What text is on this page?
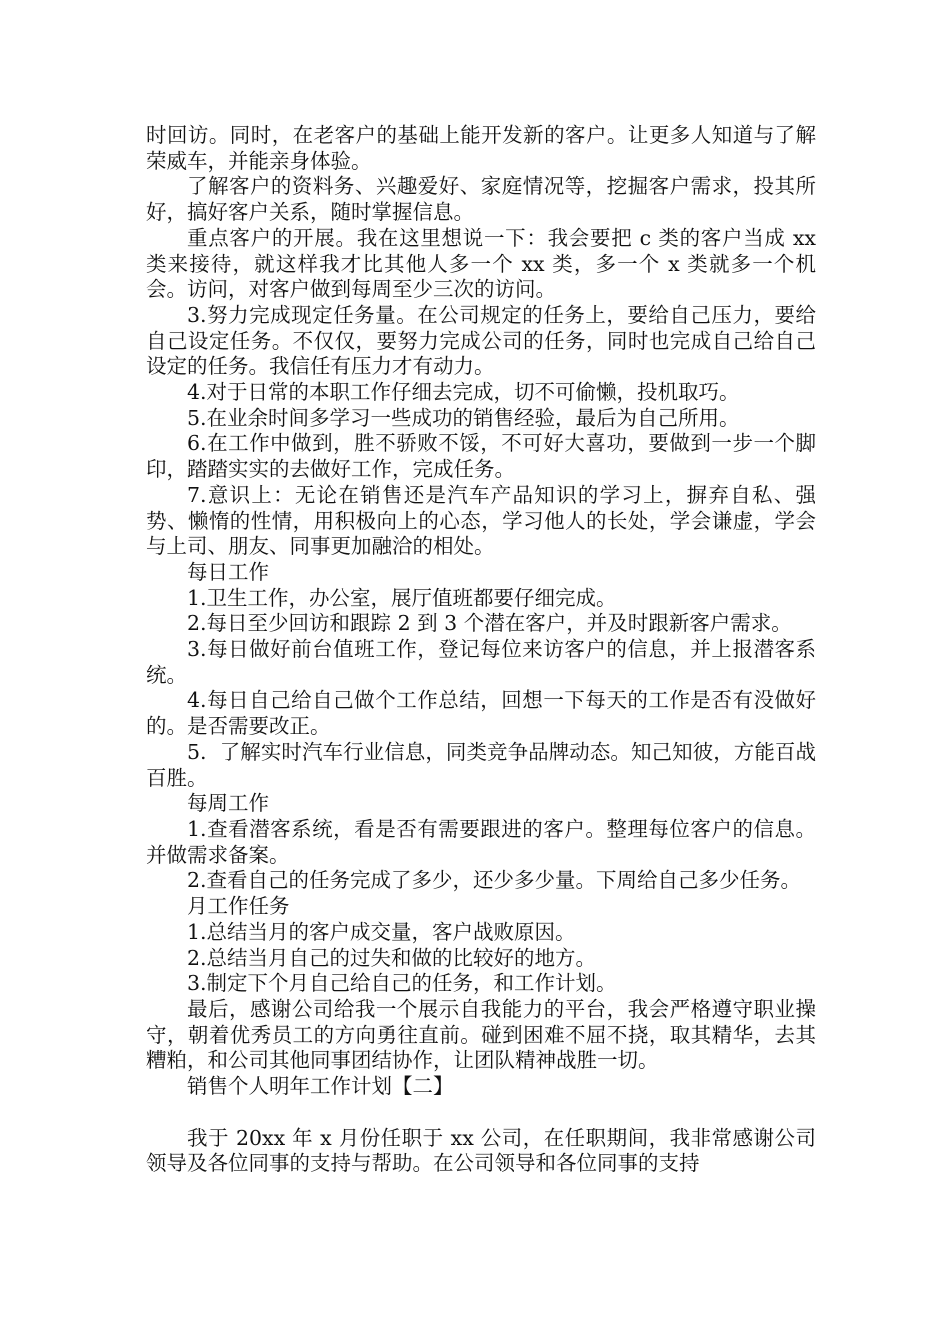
时回访。同时，在老客户的基础上能开发新的客户。让更多人知道与了解荣威车，并能亲身体验。

了解客户的资料务、兴趣爱好、家庭情况等，挖掘客户需求，投其所好，搞好客户关系，随时掌握信息。

重点客户的开展。我在这里想说一下：我会要把 c 类的客户当成 xx 类来接待，就这样我才比其他人多一个 xx 类，多一个 x 类就多一个机会。访问，对客户做到每周至少三次的访问。

3.努力完成现定任务量。在公司规定的任务上，要给自己压力，要给自己设定任务。不仅仅，要努力完成公司的任务，同时也完成自己给自己设定的任务。我信任有压力才有动力。

4.对于日常的本职工作仔细去完成，切不可偷懒，投机取巧。

5.在业余时间多学习一些成功的销售经验，最后为自己所用。

6.在工作中做到，胜不骄败不馁，不可好大喜功，要做到一步一个脚印，踏踏实实的去做好工作，完成任务。

7.意识上：无论在销售还是汽车产品知识的学习上，摒弃自私、强势、懒惰的性情，用积极向上的心态，学习他人的长处，学会谦虚，学会与上司、朋友、同事更加融洽的相处。

每日工作

1.卫生工作，办公室，展厅值班都要仔细完成。

2.每日至少回访和跟踪 2 到 3 个潜在客户，并及时跟新客户需求。

3.每日做好前台值班工作，登记每位来访客户的信息，并上报潜客系统。

4.每日自己给自己做个工作总结，回想一下每天的工作是否有没做好的。是否需要改正。

5.  了解实时汽车行业信息，同类竞争品牌动态。知己知彼，方能百战百胜。

每周工作

1.查看潜客系统，看是否有需要跟进的客户。整理每位客户的信息。并做需求备案。

2.查看自己的任务完成了多少，还少多少量。下周给自己多少任务。

月工作任务

1.总结当月的客户成交量，客户战败原因。

2.总结当月自己的过失和做的比较好的地方。

3.制定下个月自己给自己的任务，和工作计划。

最后，感谢公司给我一个展示自我能力的平台，我会严格遵守职业操守，朝着优秀员工的方向勇往直前。碰到困难不屈不挠，取其精华，去其糟粕，和公司其他同事团结协作，让团队精神战胜一切。

销售个人明年工作计划【二】

我于 20xx 年 x 月份任职于 xx 公司，在任职期间，我非常感谢公司领导及各位同事的支持与帮助。在公司领导和各位同事的支持
